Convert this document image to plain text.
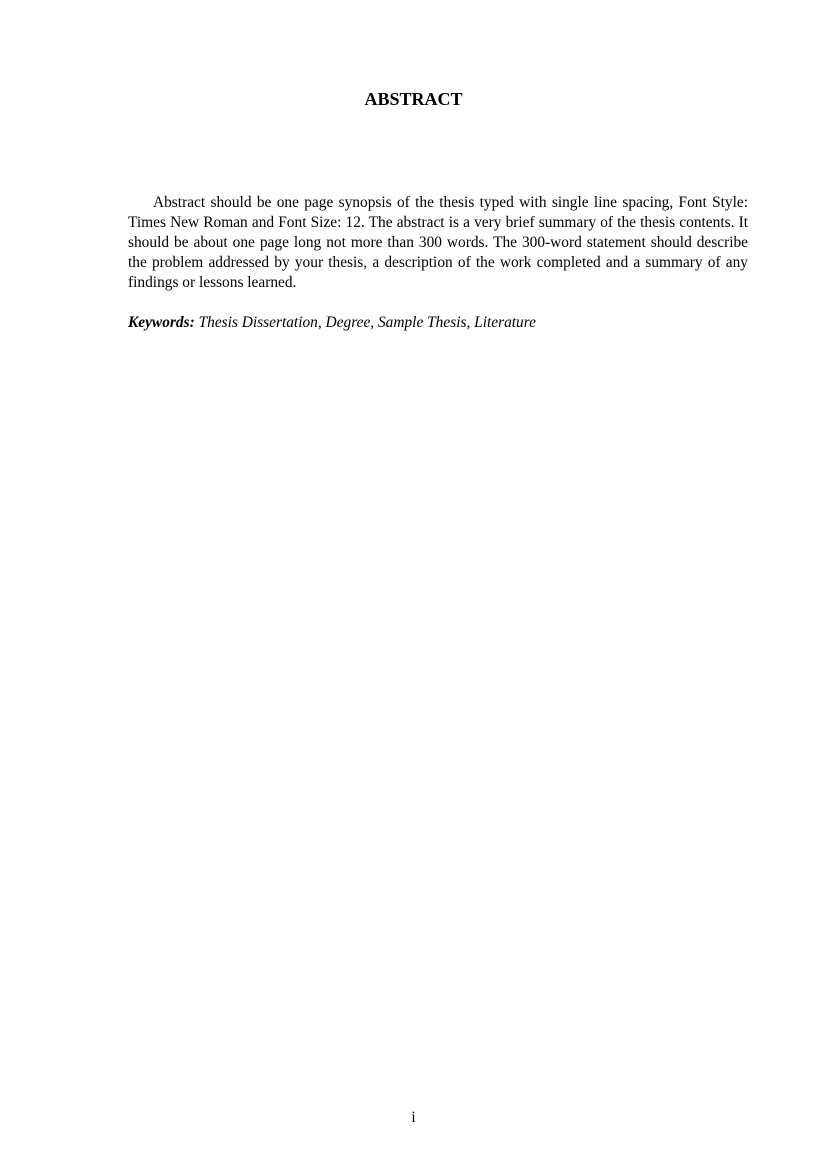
ABSTRACT

Abstract should be one page synopsis of the thesis typed with single line spacing, Font Style: Times New Roman and Font Size: 12. The abstract is a very brief summary of the thesis contents. It should be about one page long not more than 300 words. The 300-word statement should describe the problem addressed by your thesis, a description of the work completed and a summary of any findings or lessons learned.

Keywords: Thesis Dissertation, Degree, Sample Thesis, Literature

i
